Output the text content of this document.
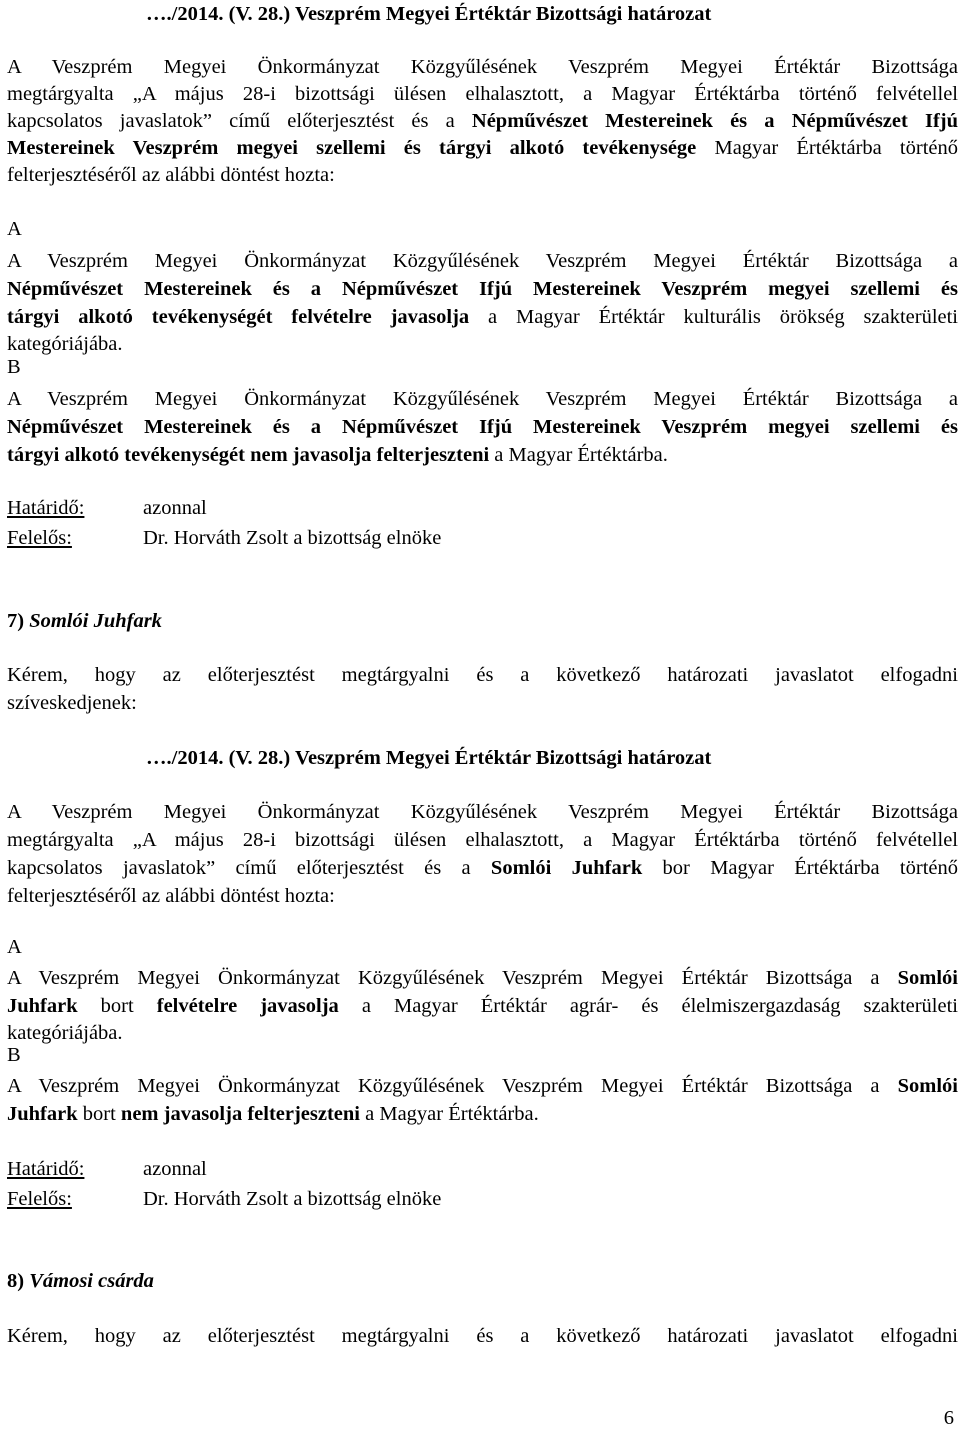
…./2014. (V. 28.) Veszprém Megyei Értéktár Bizottsági határozat
A Veszprém Megyei Önkormányzat Közgyűlésének Veszprém Megyei Értéktár Bizottsága
megtárgyalta „A május 28-i bizottsági ülésen elhalasztott, a Magyar Értéktárba történő felvétellel
kapcsolatos javaslatok” című előterjesztést és a Népművészet Mestereinek és a Népművészet Ifjú
Mestereinek Veszprém megyei szellemi és tárgyi alkotó tevékenysége Magyar Értéktárba történő
felterjesztéséről az alábbi döntést hozta:
A
A Veszprém Megyei Önkormányzat Közgyűlésének Veszprém Megyei Értéktár Bizottsága a
Népművészet Mestereinek és a Népművészet Ifjú Mestereinek Veszprém megyei szellemi és
tárgyi alkotó tevékenységét felvételre javasolja a Magyar Értéktár kulturális örökség szakterületi
kategóriájába.
B
A Veszprém Megyei Önkormányzat Közgyűlésének Veszprém Megyei Értéktár Bizottsága a
Népművészet Mestereinek és a Népművészet Ifjú Mestereinek Veszprém megyei szellemi és
tárgyi alkotó tevékenységét nem javasolja felterjeszteni a Magyar Értéktárba.
Határidő:	azonnal
Felelős:	Dr. Horváth Zsolt a bizottság elnöke
7) Somlói Juhfark
Kérem, hogy az előterjesztést megtárgyalni és a következő határozati javaslatot elfogadni
szíveskedjenek:
…./2014. (V. 28.) Veszprém Megyei Értéktár Bizottsági határozat
A Veszprém Megyei Önkormányzat Közgyűlésének Veszprém Megyei Értéktár Bizottsága
megtárgyalta „A május 28-i bizottsági ülésen elhalasztott, a Magyar Értéktárba történő felvétellel
kapcsolatos javaslatok” című előterjesztést és a Somlói Juhfark bor Magyar Értéktárba történő
felterjesztéséről az alábbi döntést hozta:
A
A Veszprém Megyei Önkormányzat Közgyűlésének Veszprém Megyei Értéktár Bizottsága a Somlói
Juhfark bort felvételre javasolja a Magyar Értéktár agrár- és élelmiszergazdaság szakterületi
kategóriájába.
B
A Veszprém Megyei Önkormányzat Közgyűlésének Veszprém Megyei Értéktár Bizottsága a Somlói
Juhfark bort nem javasolja felterjeszteni a Magyar Értéktárba.
Határidő:	azonnal
Felelős:	Dr. Horváth Zsolt a bizottság elnöke
8) Vámosi csárda
Kérem, hogy az előterjesztést megtárgyalni és a következő határozati javaslatot elfogadni
6
